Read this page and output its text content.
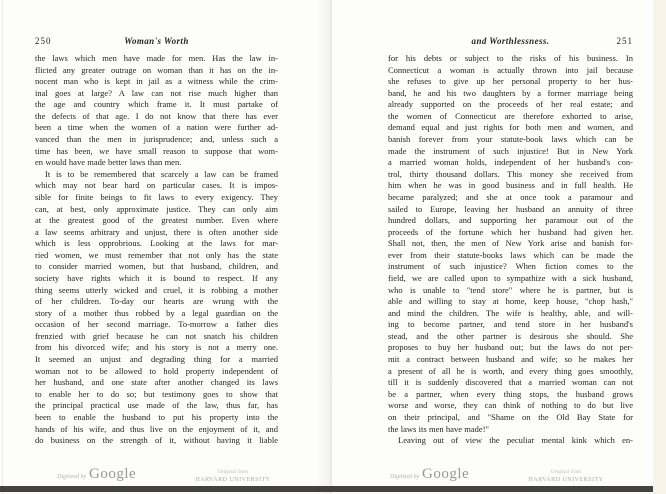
250	Woman's Worth
the laws which men have made for men. Has the law in-
flicted any greater outrage on woman than it has on the in-
nocent man who is kept in jail as a witness while the crim-
inal goes at large? A law can not rise much higher than
the age and country which frame it. It must partake of
the defects of that age. I do not know that there has ever
been a time when the women of a nation were further ad-
vanced than the men in jurisprudence; and, unless such a
time has been, we have small reason to suppose that wom-
en would have made better laws than men.
It is to be remembered that scarcely a law can be framed
which may not bear hard on particular cases. It is impos-
sible for finite beings to fit laws to every exigency. They
can, at best, only approximate justice. They can only aim
at the greatest good of the greatest number. Even where
a law seems arbitrary and unjust, there is often another side
which is less opprobrious. Looking at the laws for mar-
ried women, we must remember that not only has the state
to consider married women, but that husband, children, and
society have rights which it is bound to respect. If any
thing seems utterly wicked and cruel, it is robbing a mother
of her children. To-day our hearts are wrung with the
story of a mother thus robbed by a legal guardian on the
occasion of her second marriage. To-morrow a father dies
frenzied with grief because he can not snatch his children
from his divorced wife; and his story is not a merry one.
It seemed an unjust and degrading thing for a married
woman not to be allowed to hold property independent of
her husband, and one state after another changed its laws
to enable her to do so; but testimony goes to show that
the principal practical use made of the law, thus far, has
been to enable the husband to put his property into the
hands of his wife, and thus live on the enjoyment of it, and
do business on the strength of it, without having it liable
Digitized by Google	Original from
HARVARD UNIVERSITY
and Worthlessness.	251
for his debts or subject to the risks of his business. In
Connecticut a woman is actually thrown into jail because
she refuses to give up her personal property to her hus-
band, he and his two daughters by a former marriage being
already supported on the proceeds of her real estate; and
the women of Connecticut are therefore exhorted to arise,
demand equal and just rights for both men and women, and
banish forever from your statute-book laws which can be
made the instrument of such injustice! But in New York
a married woman holds, independent of her husband's con-
trol, thirty thousand dollars. This money she received from
him when he was in good business and in full health. He
became paralyzed; and she at once took a paramour and
sailed to Europe, leaving her husband an annuity of three
hundred dollars, and supporting her paramour out of the
proceeds of the fortune which her husband had given her.
Shall not, then, the men of New York arise and banish for-
ever from their statute-books laws which can be made the
instrument of such injustice? When fiction comes to the
field, we are called upon to sympathize with a sick husband,
who is unable to "tend store" where he is partner, but is
able and willing to stay at home, keep house, "chop hash,"
and mind the children. The wife is healthy, able, and will-
ing to become partner, and tend store in her husband's
stead, and the other partner is desirous she should. She
proposes to buy her husband out; but the laws do not per-
mit a contract between husband and wife; so he makes her
a present of all he is worth, and every thing goes smoothly,
till it is suddenly discovered that a married woman can not
be a partner, when every thing stops, the husband grows
worse and worse, they can think of nothing to do but live
on their principal, and "Shame on the Old Bay State for
the laws its men have made!"
Leaving out of view the peculiar mental kink which en-
Digitized by Google	Original from
HARVARD UNIVERSITY
